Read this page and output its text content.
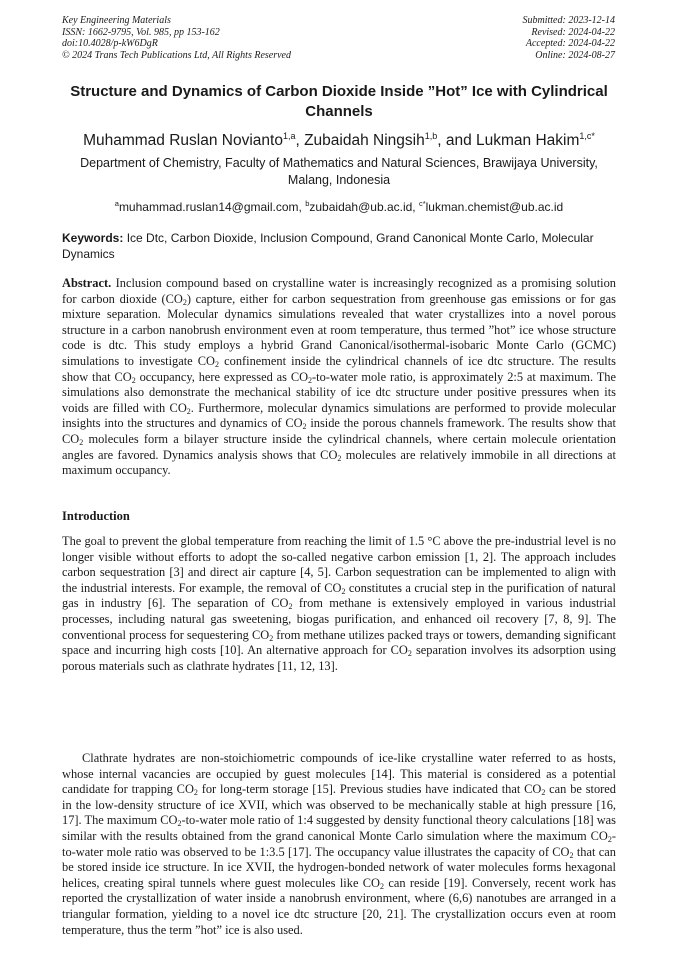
Key Engineering Materials
ISSN: 1662-9795, Vol. 985, pp 153-162
doi:10.4028/p-kW6DgR
© 2024 Trans Tech Publications Ltd, All Rights Reserved
Submitted: 2023-12-14
Revised: 2024-04-22
Accepted: 2024-04-22
Online: 2024-08-27
Structure and Dynamics of Carbon Dioxide Inside ”Hot” Ice with Cylindrical Channels
Muhammad Ruslan Novianto$^{1,a}$, Zubaidah Ningsih$^{1,b}$, and Lukman Hakim$^{1,c*}$
Department of Chemistry, Faculty of Mathematics and Natural Sciences, Brawijaya University, Malang, Indonesia
$^a$muhammad.ruslan14@gmail.com, $^b$zubaidah@ub.ac.id, $^{c*}$lukman.chemist@ub.ac.id
Keywords: Ice Dtc, Carbon Dioxide, Inclusion Compound, Grand Canonical Monte Carlo, Molecular Dynamics
Abstract. Inclusion compound based on crystalline water is increasingly recognized as a promising solution for carbon dioxide $(CO_2)$ capture, either for carbon sequestration from greenhouse gas emissions or for gas mixture separation. Molecular dynamics simulations revealed that water crystallizes into a novel porous structure in a carbon nanobrush environment even at room temperature, thus termed ”hot” ice whose structure code is dtc. This study employs a hybrid Grand Canonical/isothermal-isobaric Monte Carlo (GCMC) simulations to investigate $CO_2$ confinement inside the cylindrical channels of ice dtc structure. The results show that $CO_2$ occupancy, here expressed as $CO_2-to$-water mole ratio, is approximately 2:5 at maximum. The simulations also demonstrate the mechanical stability of ice dtc structure under positive pressures when its voids are filled with $CO_2$. Furthermore, molecular dynamics simulations are performed to provide molecular insights into the structures and dynamics of $CO_2$ inside the porous channels framework. The results show that $CO_2$ molecules form a bilayer structure inside the cylindrical channels, where certain molecule orientation angles are favored. Dynamics analysis shows that $CO_2$ molecules are relatively immobile in all directions at maximum occupancy.
Introduction
The goal to prevent the global temperature from reaching the limit of 1.5 °C above the pre-industrial level is no longer visible without efforts to adopt the so-called negative carbon emission [1, 2]. The approach includes carbon sequestration [3] and direct air capture [4, 5]. Carbon sequestration can be implemented to align with the industrial interests. For example, the removal of $CO_2$ constitutes a crucial step in the purification of natural gas in industry [6]. The separation of $CO_2$ from methane is extensively employed in various industrial processes, including natural gas sweetening, biogas purification, and enhanced oil recovery [7, 8, 9]. The conventional process for sequestering $CO_2$ from methane utilizes packed trays or towers, demanding significant space and incurring high costs [10]. An alternative approach for $CO_2$ separation involves its adsorption using porous materials such as clathrate hydrates [11, 12, 13].
Clathrate hydrates are non-stoichiometric compounds of ice-like crystalline water referred to as hosts, whose internal vacancies are occupied by guest molecules [14]. This material is considered as a potential candidate for trapping $CO_2$ for long-term storage [15]. Previous studies have indicated that $CO_2$ can be stored in the low-density structure of ice XVII, which was observed to be mechanically stable at high pressure [16, 17]. The maximum $CO_2-to$-water mole ratio of 1:4 suggested by density functional theory calculations [18] was similar with the results obtained from the grand canonical Monte Carlo simulation where the maximum $CO_2-to$-water mole ratio was observed to be 1:3.5 [17]. The occupancy value illustrates the capacity of $CO_2$ that can be stored inside ice structure. In ice XVII, the hydrogen-bonded network of water molecules forms hexagonal helices, creating spiral tunnels where guest molecules like $CO_2$ can reside [19]. Conversely, recent work has reported the crystallization of water inside a nanobrush environment, where (6,6) nanotubes are arranged in a triangular formation, yielding to a novel ice dtc structure [20, 21]. The crystallization occurs even at room temperature, thus the term ”hot” ice is also used.
